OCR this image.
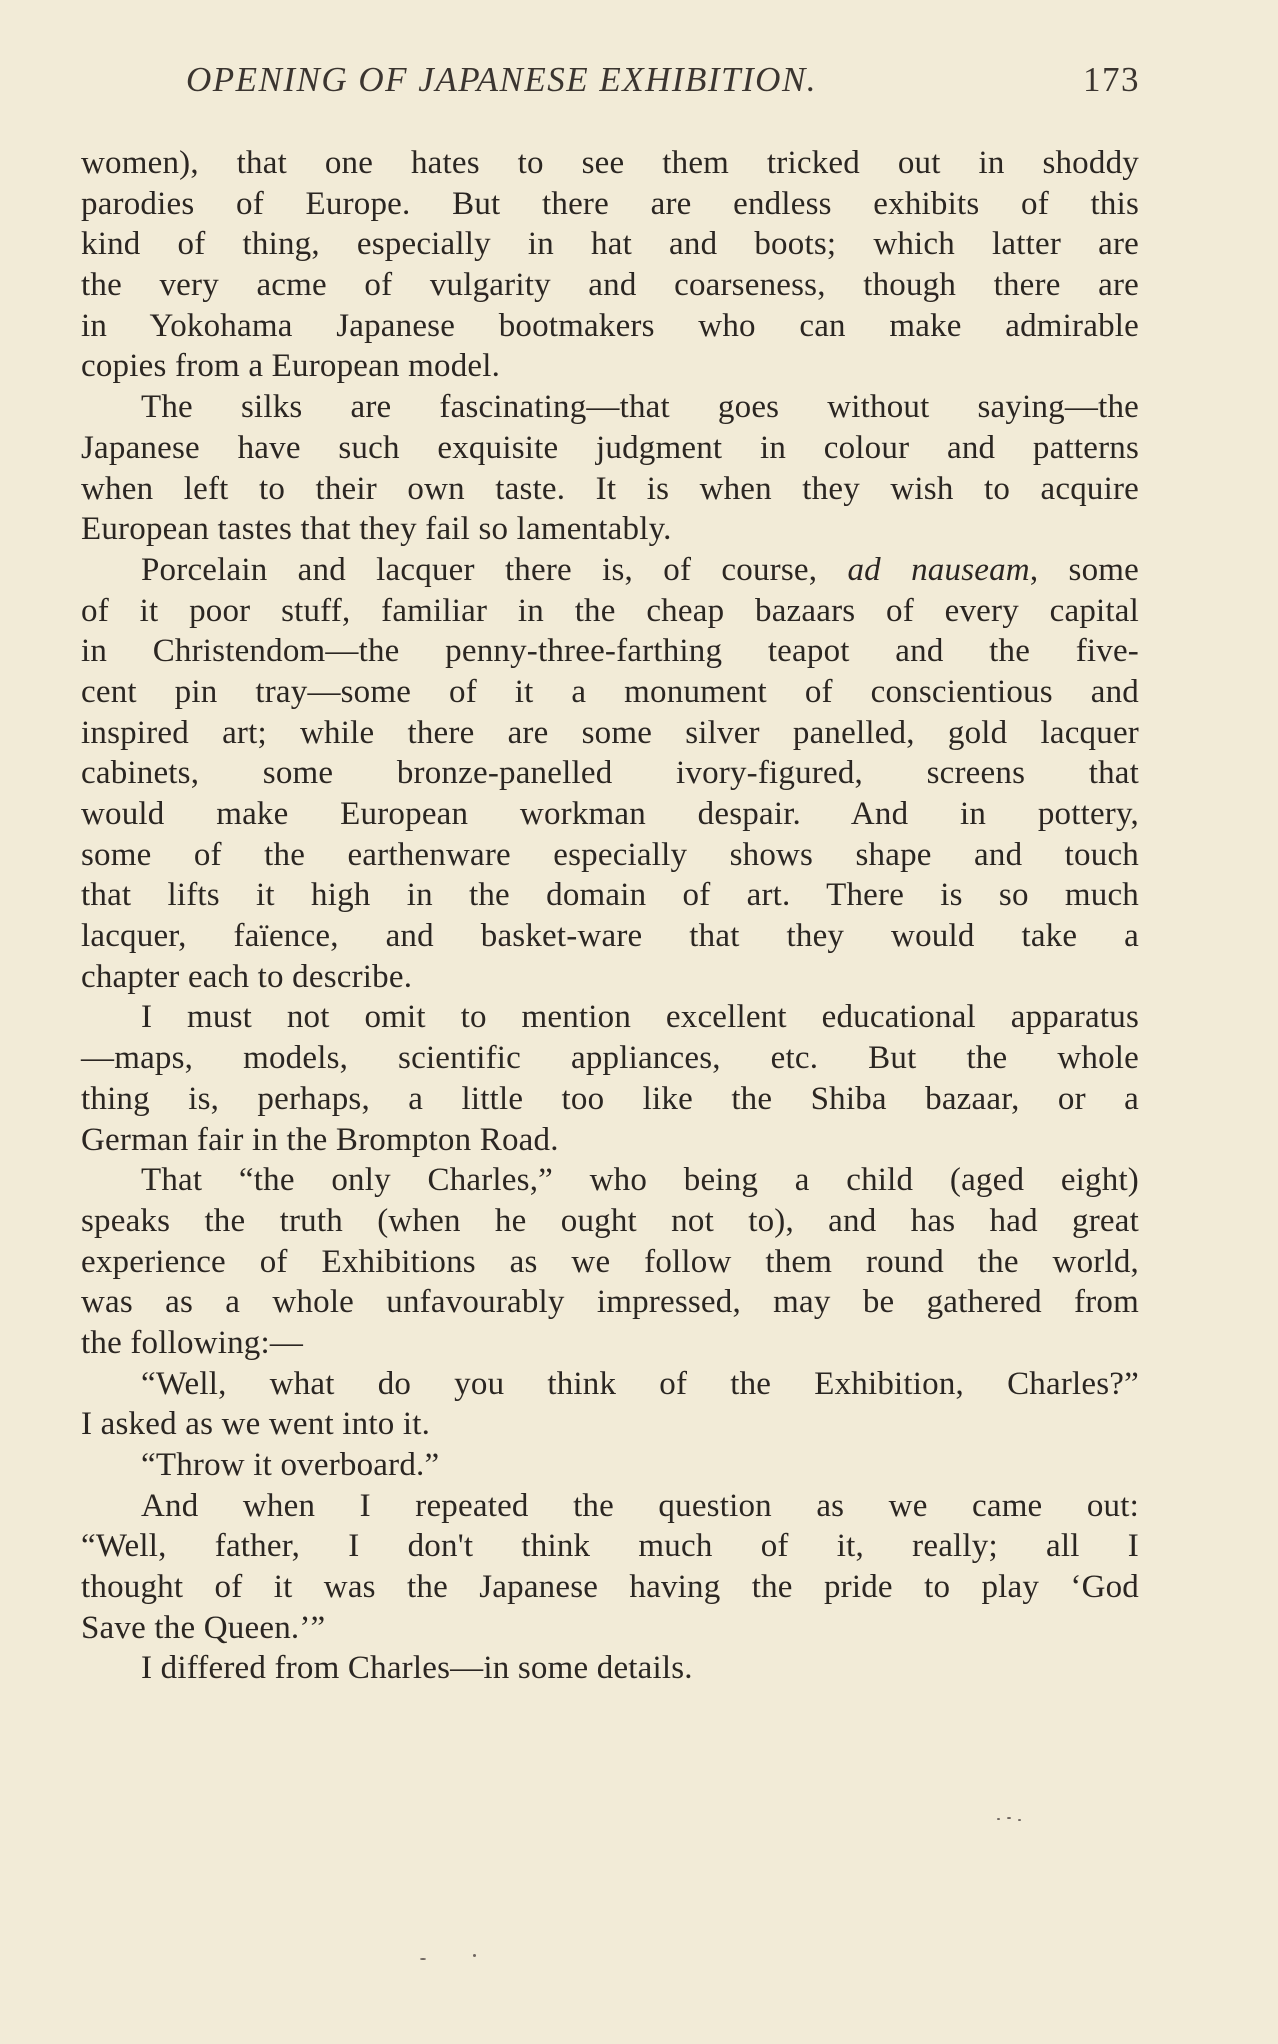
OPENING OF JAPANESE EXHIBITION.	173
women), that one hates to see them tricked out in shoddy
parodies of Europe. But there are endless exhibits of this
kind of thing, especially in hat and boots; which latter are
the very acme of vulgarity and coarseness, though there are
in Yokohama Japanese bootmakers who can make admirable
copies from a European model.
The silks are fascinating—that goes without saying—the
Japanese have such exquisite judgment in colour and patterns
when left to their own taste. It is when they wish to acquire
European tastes that they fail so lamentably.
Porcelain and lacquer there is, of course, ad nauseam, some
of it poor stuff, familiar in the cheap bazaars of every capital
in Christendom—the penny-three-farthing teapot and the five-
cent pin tray—some of it a monument of conscientious and
inspired art; while there are some silver panelled, gold lacquer
cabinets, some bronze-panelled ivory-figured, screens that
would make European workman despair. And in pottery,
some of the earthenware especially shows shape and touch
that lifts it high in the domain of art. There is so much
lacquer, faïence, and basket-ware that they would take a
chapter each to describe.
I must not omit to mention excellent educational apparatus
—maps, models, scientific appliances, etc. But the whole
thing is, perhaps, a little too like the Shiba bazaar, or a
German fair in the Brompton Road.
That “the only Charles,” who being a child (aged eight)
speaks the truth (when he ought not to), and has had great
experience of Exhibitions as we follow them round the world,
was as a whole unfavourably impressed, may be gathered from
the following:—
“Well, what do you think of the Exhibition, Charles?”
I asked as we went into it.
“Throw it overboard.”
And when I repeated the question as we came out:
“Well, father, I don't think much of it, really; all I
thought of it was the Japanese having the pride to play ‘God
Save the Queen.’”
I differed from Charles—in some details.
